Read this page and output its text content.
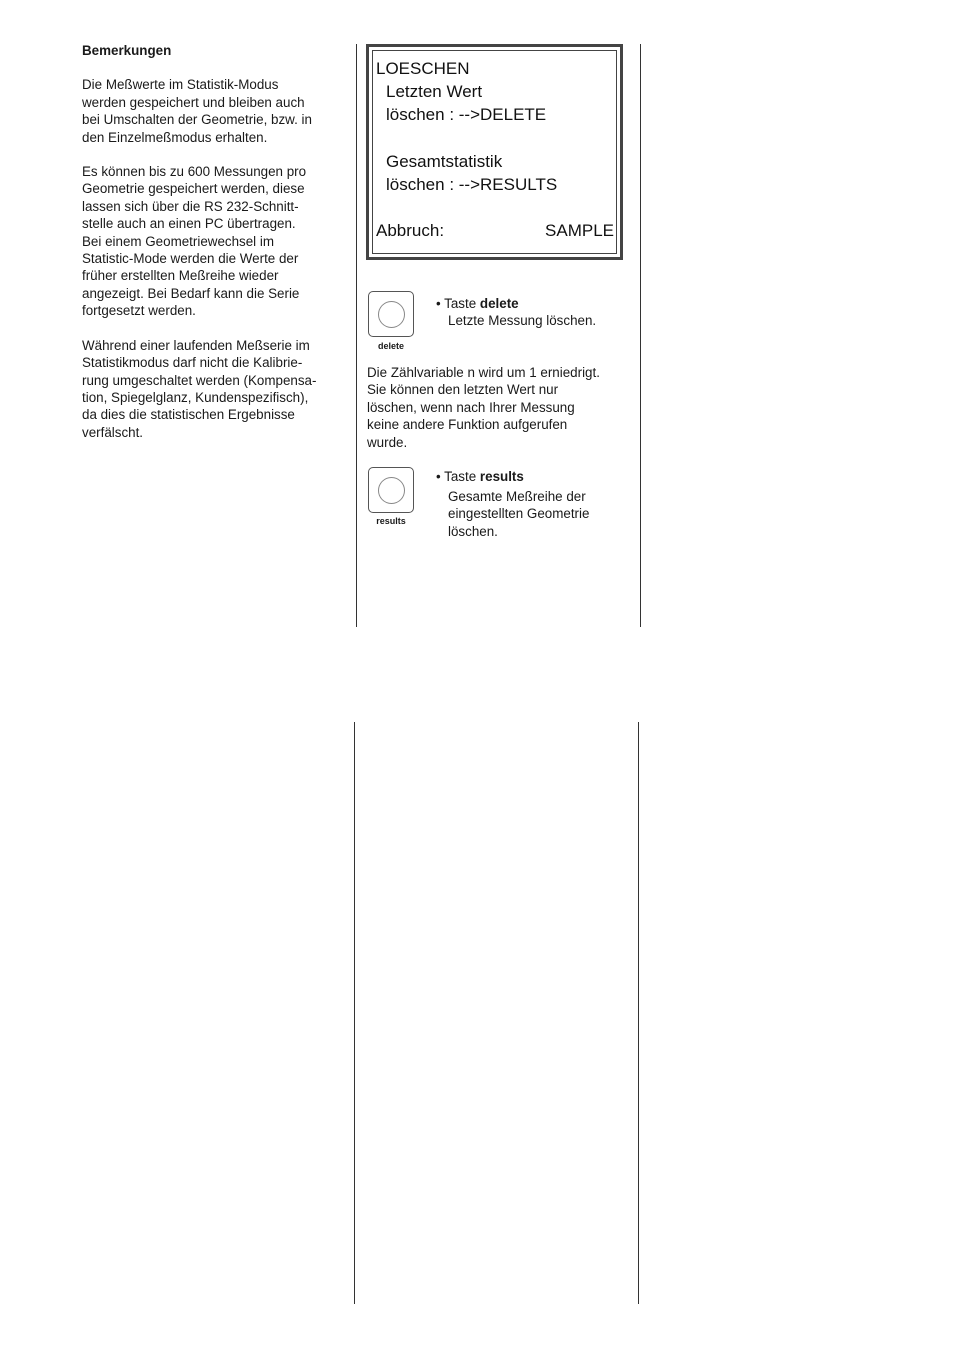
Bemerkungen

Die Meßwerte im Statistik-Modus
werden gespeichert und bleiben auch
bei Umschalten der Geometrie, bzw. in
den Einzelmeßmodus erhalten.

Es können bis zu 600 Messungen pro
Geometrie gespeichert werden, diese
lassen sich über die RS 232-Schnitt-
stelle auch an einen PC übertragen.
Bei einem Geometriewechsel im
Statistic-Mode werden die Werte der
früher erstellten Meßreihe wieder
angezeigt. Bei Bedarf kann die Serie
fortgesetzt werden.

Während einer laufenden Meßserie im
Statistikmodus darf nicht die Kalibrie-
rung umgeschaltet werden (Kompensa-
tion, Spiegelglanz, Kundenspezifisch),
da dies die statistischen Ergebnisse
verfälscht.

LOESCHEN
Letzten Wert
löschen : -->DELETE
Gesamtstatistik
löschen : -->RESULTS
Abbruch:	SAMPLE
delete
• Taste delete
Letzte Messung löschen.
Die Zählvariable n wird um 1 erniedrigt.
Sie können den letzten Wert nur
löschen, wenn nach Ihrer Messung
keine andere Funktion aufgerufen
wurde.
results
• Taste results
Gesamte Meßreihe der
eingestellten Geometrie
löschen.
